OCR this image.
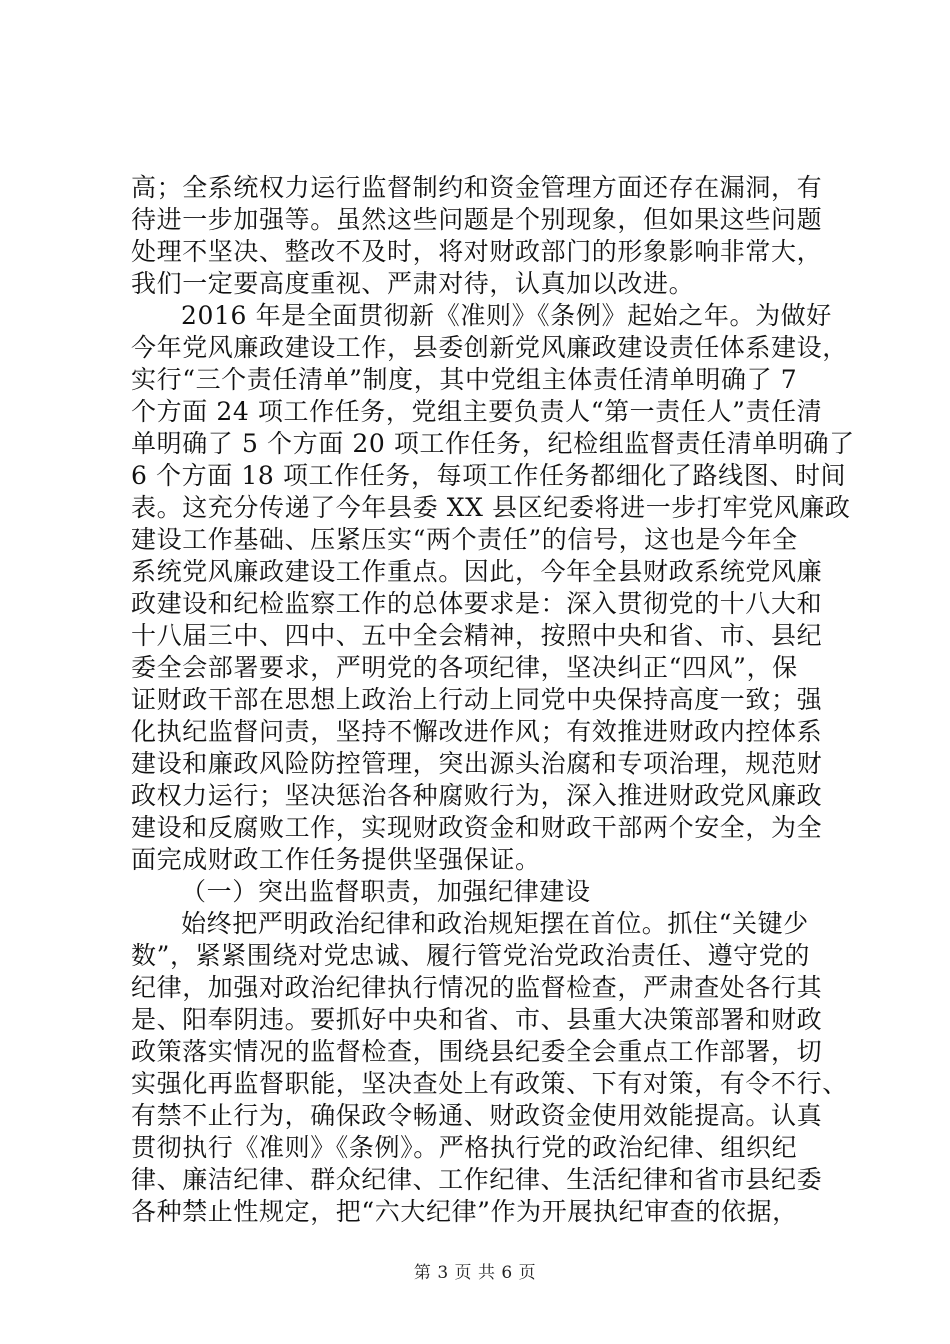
高；全系统权力运行监督制约和资金管理方面还存在漏洞，有
待进一步加强等。虽然这些问题是个别现象，但如果这些问题
处理不坚决、整改不及时，将对财政部门的形象影响非常大，
我们一定要高度重视、严肃对待，认真加以改进。
2016 年是全面贯彻新《准则》《条例》起始之年。为做好
今年党风廉政建设工作，县委创新党风廉政建设责任体系建设，
实行“三个责任清单”制度，其中党组主体责任清单明确了 7
个方面 24 项工作任务，党组主要负责人“第一责任人”责任清
单明确了 5 个方面 20 项工作任务，纪检组监督责任清单明确了
6 个方面 18 项工作任务，每项工作任务都细化了路线图、时间
表。这充分传递了今年县委 XX 县区纪委将进一步打牢党风廉政
建设工作基础、压紧压实“两个责任”的信号，这也是今年全
系统党风廉政建设工作重点。因此，今年全县财政系统党风廉
政建设和纪检监察工作的总体要求是：深入贯彻党的十八大和
十八届三中、四中、五中全会精神，按照中央和省、市、县纪
委全会部署要求，严明党的各项纪律，坚决纠正“四风”，保
证财政干部在思想上政治上行动上同党中央保持高度一致；强
化执纪监督问责，坚持不懈改进作风；有效推进财政内控体系
建设和廉政风险防控管理，突出源头治腐和专项治理，规范财
政权力运行；坚决惩治各种腐败行为，深入推进财政党风廉政
建设和反腐败工作，实现财政资金和财政干部两个安全，为全
面完成财政工作任务提供坚强保证。
（一）突出监督职责，加强纪律建设
始终把严明政治纪律和政治规矩摆在首位。抓住“关键少
数”，紧紧围绕对党忠诚、履行管党治党政治责任、遵守党的
纪律，加强对政治纪律执行情况的监督检查，严肃查处各行其
是、阳奉阴违。要抓好中央和省、市、县重大决策部署和财政
政策落实情况的监督检查，围绕县纪委全会重点工作部署，切
实强化再监督职能，坚决查处上有政策、下有对策，有令不行、
有禁不止行为，确保政令畅通、财政资金使用效能提高。认真
贯彻执行《准则》《条例》。严格执行党的政治纪律、组织纪
律、廉洁纪律、群众纪律、工作纪律、生活纪律和省市县纪委
各种禁止性规定，把“六大纪律”作为开展执纪审查的依据，
第 3 页 共 6 页
